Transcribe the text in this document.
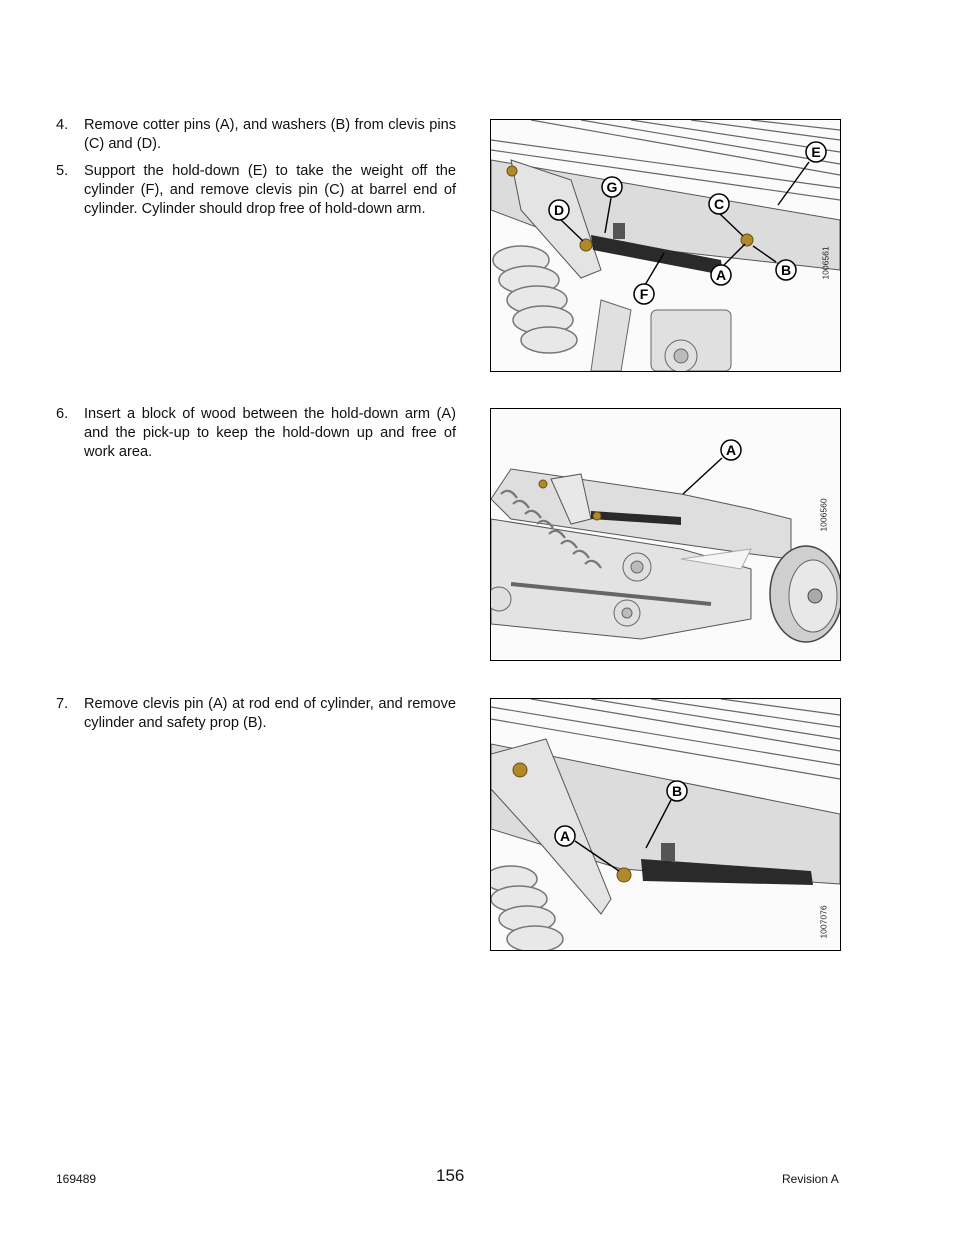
4. Remove cotter pins (A), and washers (B) from clevis pins (C) and (D).
5. Support the hold-down (E) to take the weight off the cylinder (F), and remove clevis pin (C) at barrel end of cylinder. Cylinder should drop free of hold-down arm.
6. Insert a block of wood between the hold-down arm (A) and the pick-up to keep the hold-down up and free of work area.
7. Remove clevis pin (A) at rod end of cylinder, and remove cylinder and safety prop (B).
E
G
C
D
A	B
F
1006561
A
1006560
B
A
1007076
169489	156	Revision A
